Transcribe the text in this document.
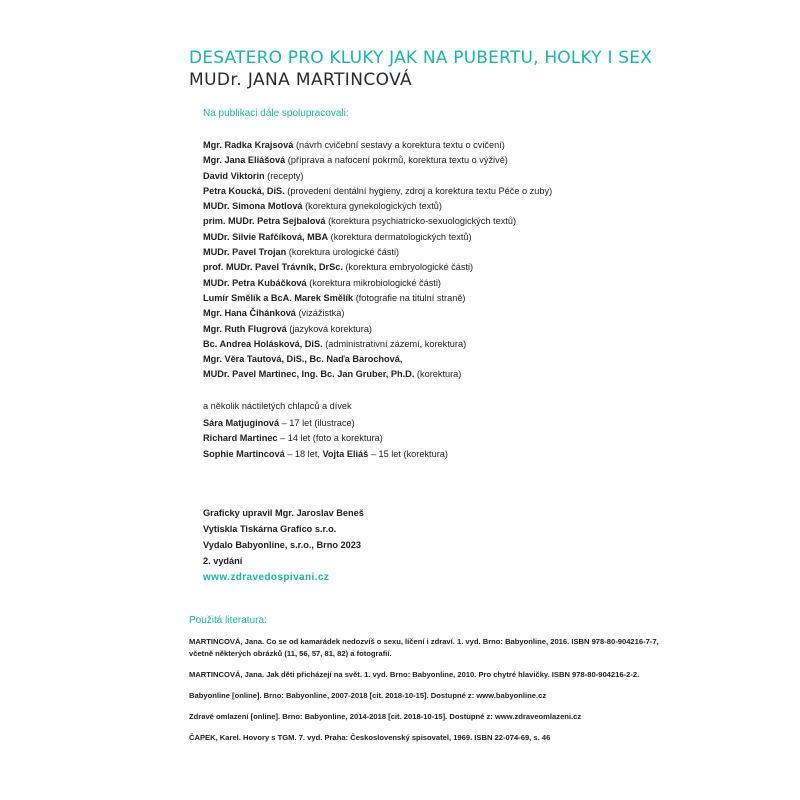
DESATERO PRO KLUKY JAK NA PUBERTU, HOLKY I SEX
MUDr. JANA MARTINCOVÁ
Na publikaci dále spolupracovali:
Mgr. Radka Krajsová (návrh cvičební sestavy a korektura textu o cvičení)
Mgr. Jana Eliášová (příprava a nafocení pokrmů, korektura textu o výživě)
David Viktorin (recepty)
Petra Koucká, DiS. (provedení dentální hygieny, zdroj a korektura textu Péče o zuby)
MUDr. Simona Motlová (korektura gynekologických textů)
prim. MUDr. Petra Sejbalová (korektura psychiatricko-sexuologických textů)
MUDr. Silvie Rafčíková, MBA (korektura dermatologických textů)
MUDr. Pavel Trojan (korektura urologické části)
prof. MUDr. Pavel Trávník, DrSc. (korektura embryologické části)
MUDr. Petra Kubáčková (korektura mikrobiologické části)
Lumír Smělík a BcA. Marek Smělík (fotografie na titulní straně)
Mgr. Hana Čihánková (vizážistka)
Mgr. Ruth Flugrová (jazyková korektura)
Bc. Andrea Holásková, DiS. (administrativní zázemí, korektura)
Mgr. Věra Tautová, DiS., Bc. Naďa Barochová,
MUDr. Pavel Martinec, Ing. Bc. Jan Gruber, Ph.D. (korektura)
a několik náctiletých chlapců a dívek
Sára Matjuginová – 17 let (ilustrace)
Richard Martinec – 14 let (foto a korektura)
Sophie Martincová – 18 let, Vojta Eliáš – 15 let (korektura)
Graficky upravil Mgr. Jaroslav Beneš
Vytiskla Tiskárna Grafico s.r.o.
Vydalo Babyonline, s.r.o., Brno 2023
2. vydání
www.zdravedospivani.cz
Použitá literatura:
MARTINCOVÁ, Jana. Co se od kamarádek nedozvíš o sexu, líčení i zdraví. 1. vyd. Brno: Babyonline, 2016. ISBN 978-80-904216-7-7, včetně některých obrázků (11, 56, 57, 81, 82) a fotografií.
MARTINCOVÁ, Jana. Jak děti přicházejí na svět. 1. vyd. Brno: Babyonline, 2010. Pro chytré hlavičky. ISBN 978-80-904216-2-2.
Babyonline [online]. Brno: Babyonline, 2007-2018 [cit. 2018-10-15]. Dostupné z: www.babyonline.cz
Zdravé omlazení [online]. Brno: Babyonline, 2014-2018 [cit. 2018-10-15]. Dostupné z: www.zdraveomlazeni.cz
ČAPEK, Karel. Hovory s TGM. 7. vyd. Praha: Československý spisovatel, 1969. ISBN 22-074-69, s. 46
